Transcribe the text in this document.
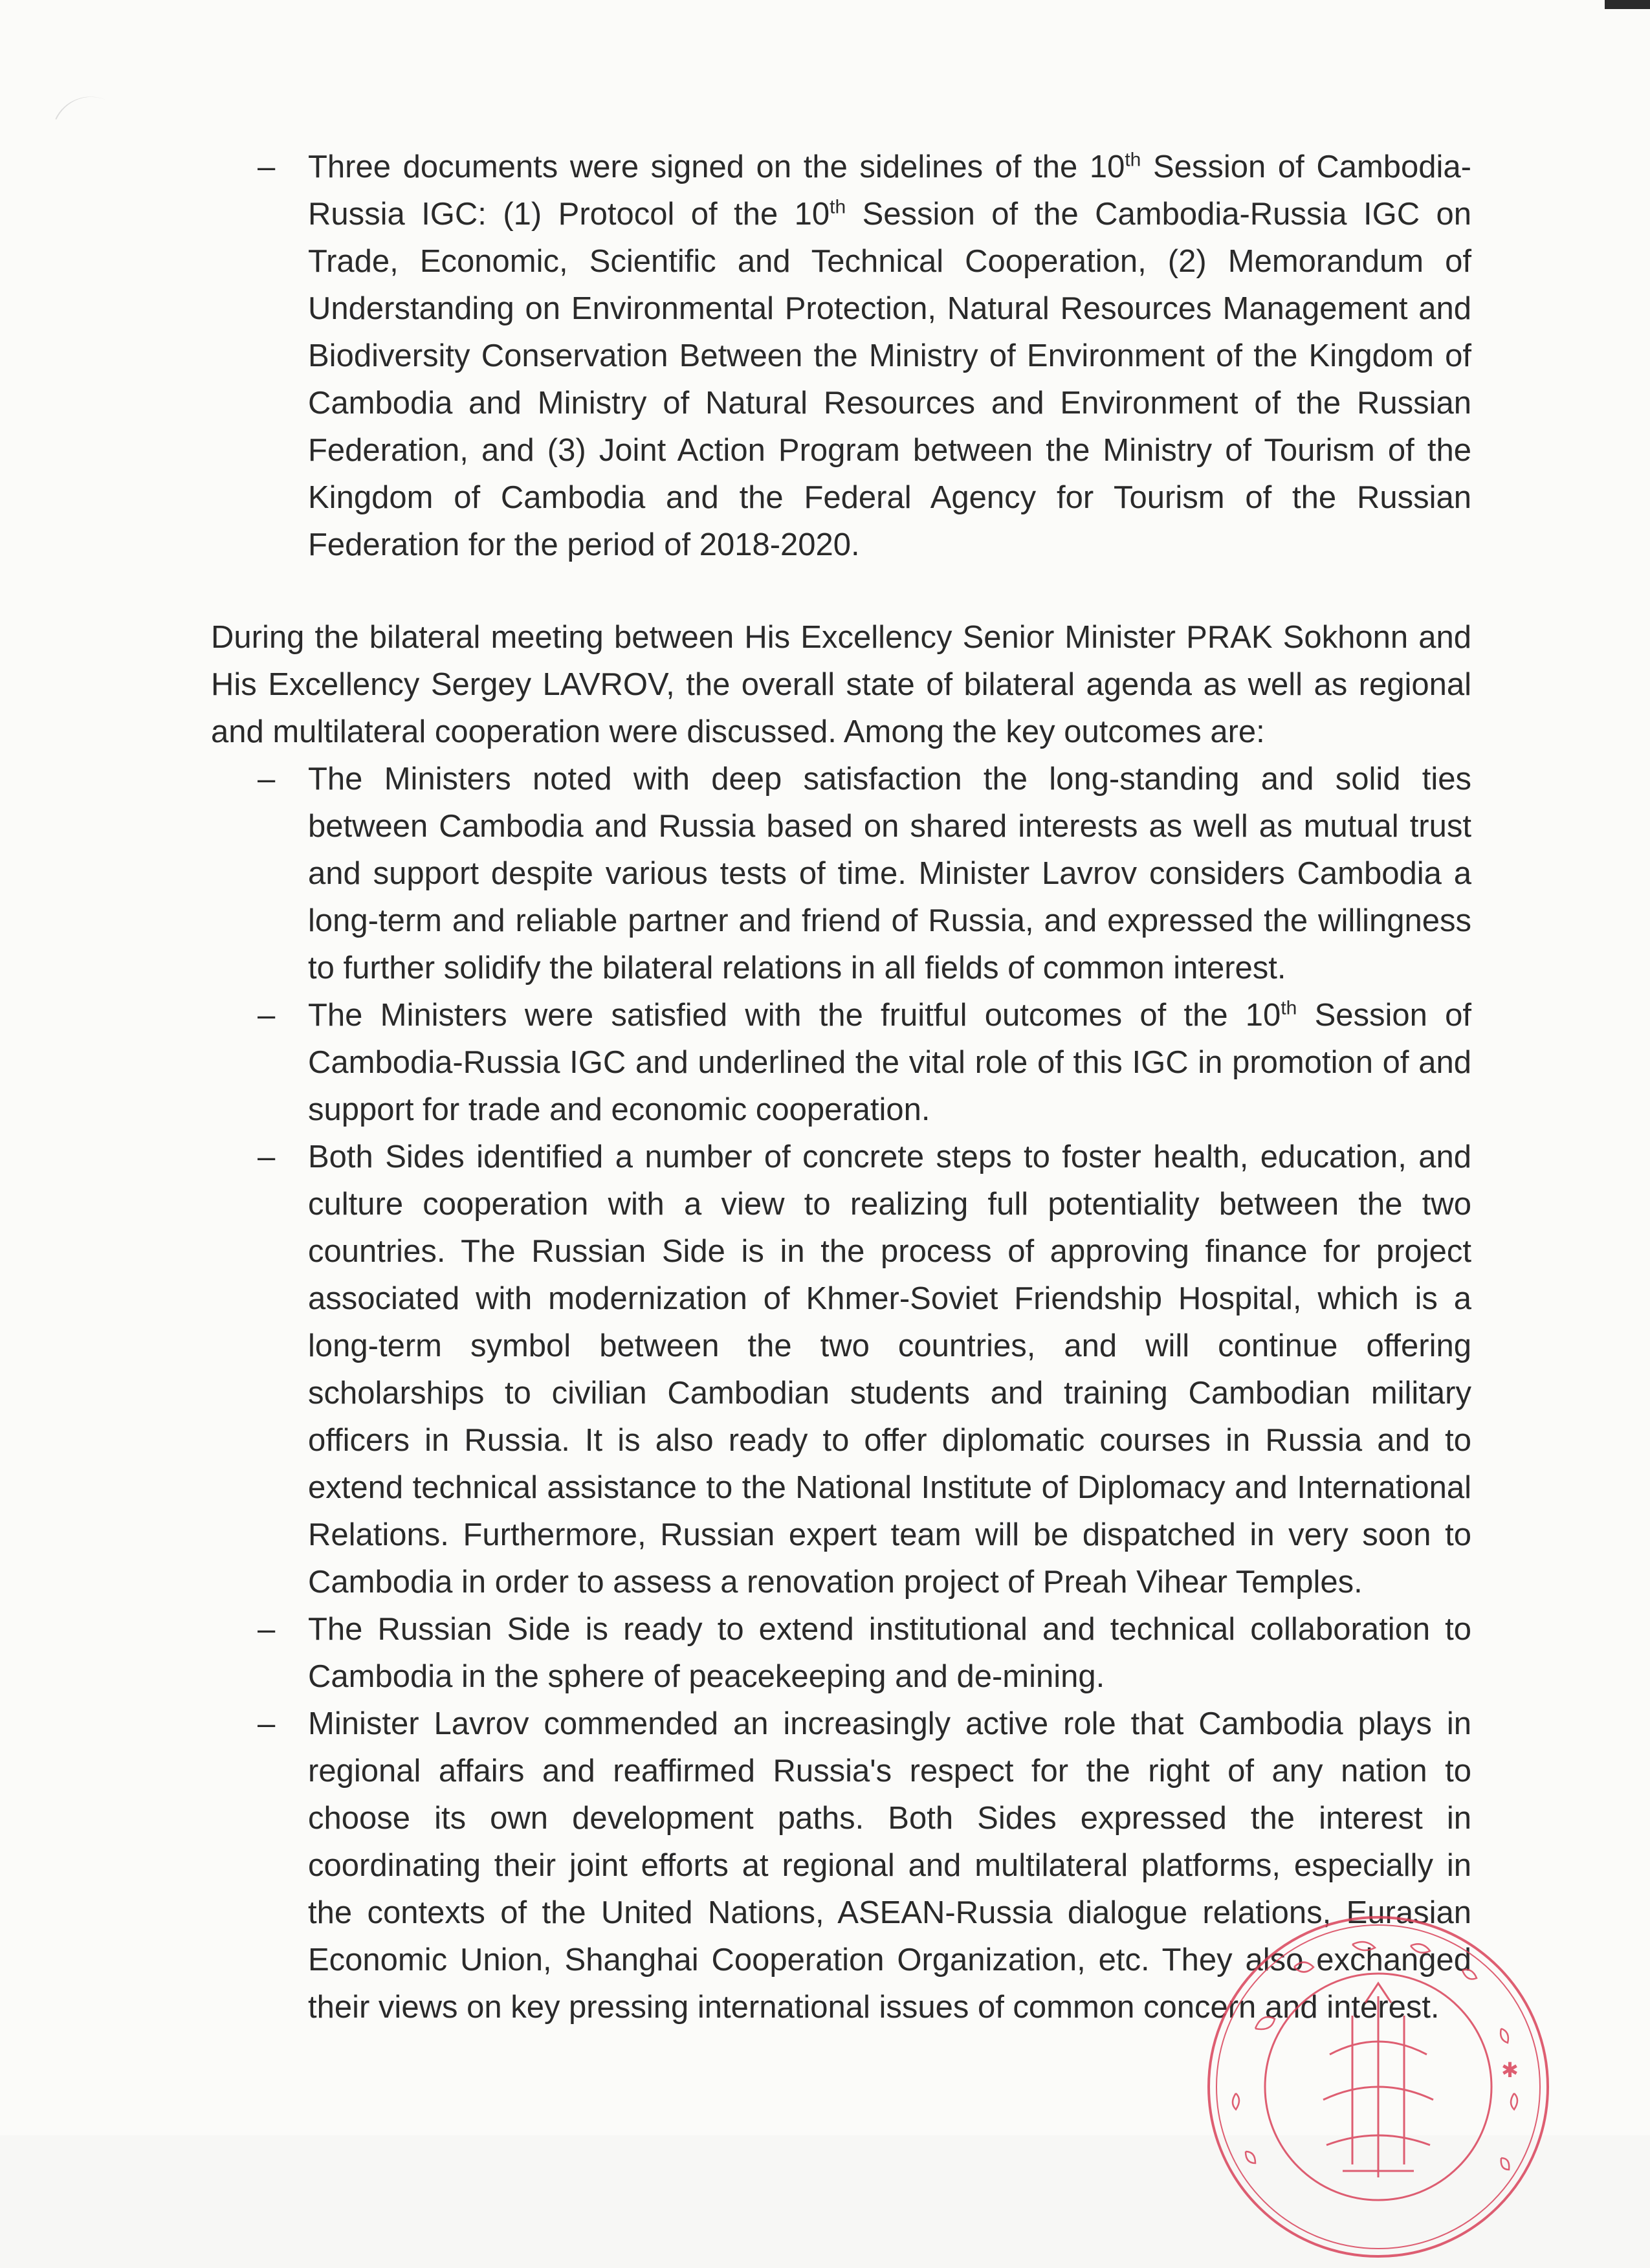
– Three documents were signed on the sidelines of the 10th Session of Cambodia-Russia IGC: (1) Protocol of the 10th Session of the Cambodia-Russia IGC on Trade, Economic, Scientific and Technical Cooperation, (2) Memorandum of Understanding on Environmental Protection, Natural Resources Management and Biodiversity Conservation Between the Ministry of Environment of the Kingdom of Cambodia and Ministry of Natural Resources and Environment of the Russian Federation, and (3) Joint Action Program between the Ministry of Tourism of the Kingdom of Cambodia and the Federal Agency for Tourism of the Russian Federation for the period of 2018-2020.

During the bilateral meeting between His Excellency Senior Minister PRAK Sokhonn and His Excellency Sergey LAVROV, the overall state of bilateral agenda as well as regional and multilateral cooperation were discussed. Among the key outcomes are:

– The Ministers noted with deep satisfaction the long-standing and solid ties between Cambodia and Russia based on shared interests as well as mutual trust and support despite various tests of time. Minister Lavrov considers Cambodia a long-term and reliable partner and friend of Russia, and expressed the willingness to further solidify the bilateral relations in all fields of common interest.
– The Ministers were satisfied with the fruitful outcomes of the 10th Session of Cambodia-Russia IGC and underlined the vital role of this IGC in promotion of and support for trade and economic cooperation.
– Both Sides identified a number of concrete steps to foster health, education, and culture cooperation with a view to realizing full potentiality between the two countries. The Russian Side is in the process of approving finance for project associated with modernization of Khmer-Soviet Friendship Hospital, which is a long-term symbol between the two countries, and will continue offering scholarships to civilian Cambodian students and training Cambodian military officers in Russia. It is also ready to offer diplomatic courses in Russia and to extend technical assistance to the National Institute of Diplomacy and International Relations. Furthermore, Russian expert team will be dispatched in very soon to Cambodia in order to assess a renovation project of Preah Vihear Temples.
– The Russian Side is ready to extend institutional and technical collaboration to Cambodia in the sphere of peacekeeping and de-mining.
– Minister Lavrov commended an increasingly active role that Cambodia plays in regional affairs and reaffirmed Russia's respect for the right of any nation to choose its own development paths. Both Sides expressed the interest in coordinating their joint efforts at regional and multilateral platforms, especially in the contexts of the United Nations, ASEAN-Russia dialogue relations, Eurasian Economic Union, Shanghai Cooperation Organization, etc. They also exchanged their views on key pressing international issues of common concern and interest.
✱
